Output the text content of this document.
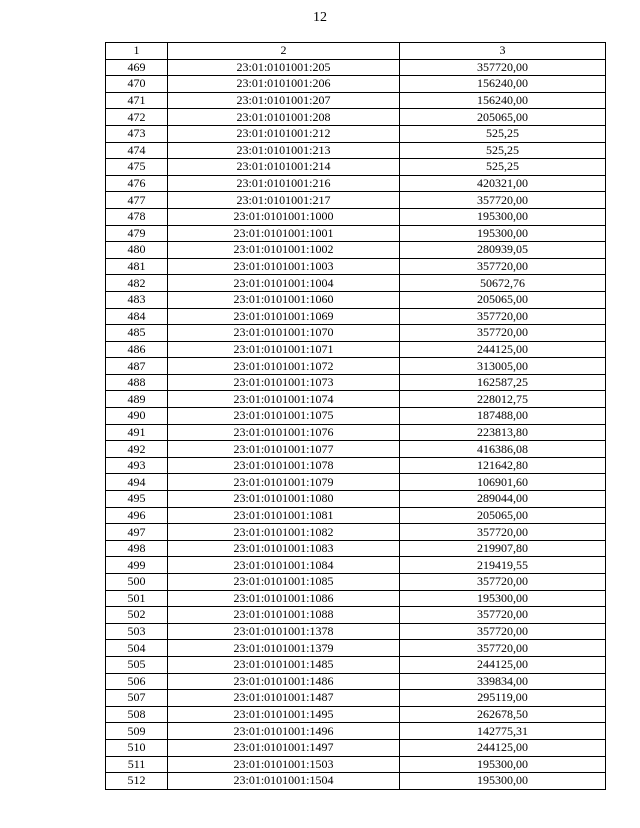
12
1	2	3
469	23:01:0101001:205	357720,00
470	23:01:0101001:206	156240,00
471	23:01:0101001:207	156240,00
472	23:01:0101001:208	205065,00
473	23:01:0101001:212	525,25
474	23:01:0101001:213	525,25
475	23:01:0101001:214	525,25
476	23:01:0101001:216	420321,00
477	23:01:0101001:217	357720,00
478	23:01:0101001:1000	195300,00
479	23:01:0101001:1001	195300,00
480	23:01:0101001:1002	280939,05
481	23:01:0101001:1003	357720,00
482	23:01:0101001:1004	50672,76
483	23:01:0101001:1060	205065,00
484	23:01:0101001:1069	357720,00
485	23:01:0101001:1070	357720,00
486	23:01:0101001:1071	244125,00
487	23:01:0101001:1072	313005,00
488	23:01:0101001:1073	162587,25
489	23:01:0101001:1074	228012,75
490	23:01:0101001:1075	187488,00
491	23:01:0101001:1076	223813,80
492	23:01:0101001:1077	416386,08
493	23:01:0101001:1078	121642,80
494	23:01:0101001:1079	106901,60
495	23:01:0101001:1080	289044,00
496	23:01:0101001:1081	205065,00
497	23:01:0101001:1082	357720,00
498	23:01:0101001:1083	219907,80
499	23:01:0101001:1084	219419,55
500	23:01:0101001:1085	357720,00
501	23:01:0101001:1086	195300,00
502	23:01:0101001:1088	357720,00
503	23:01:0101001:1378	357720,00
504	23:01:0101001:1379	357720,00
505	23:01:0101001:1485	244125,00
506	23:01:0101001:1486	339834,00
507	23:01:0101001:1487	295119,00
508	23:01:0101001:1495	262678,50
509	23:01:0101001:1496	142775,31
510	23:01:0101001:1497	244125,00
511	23:01:0101001:1503	195300,00
512	23:01:0101001:1504	195300,00
